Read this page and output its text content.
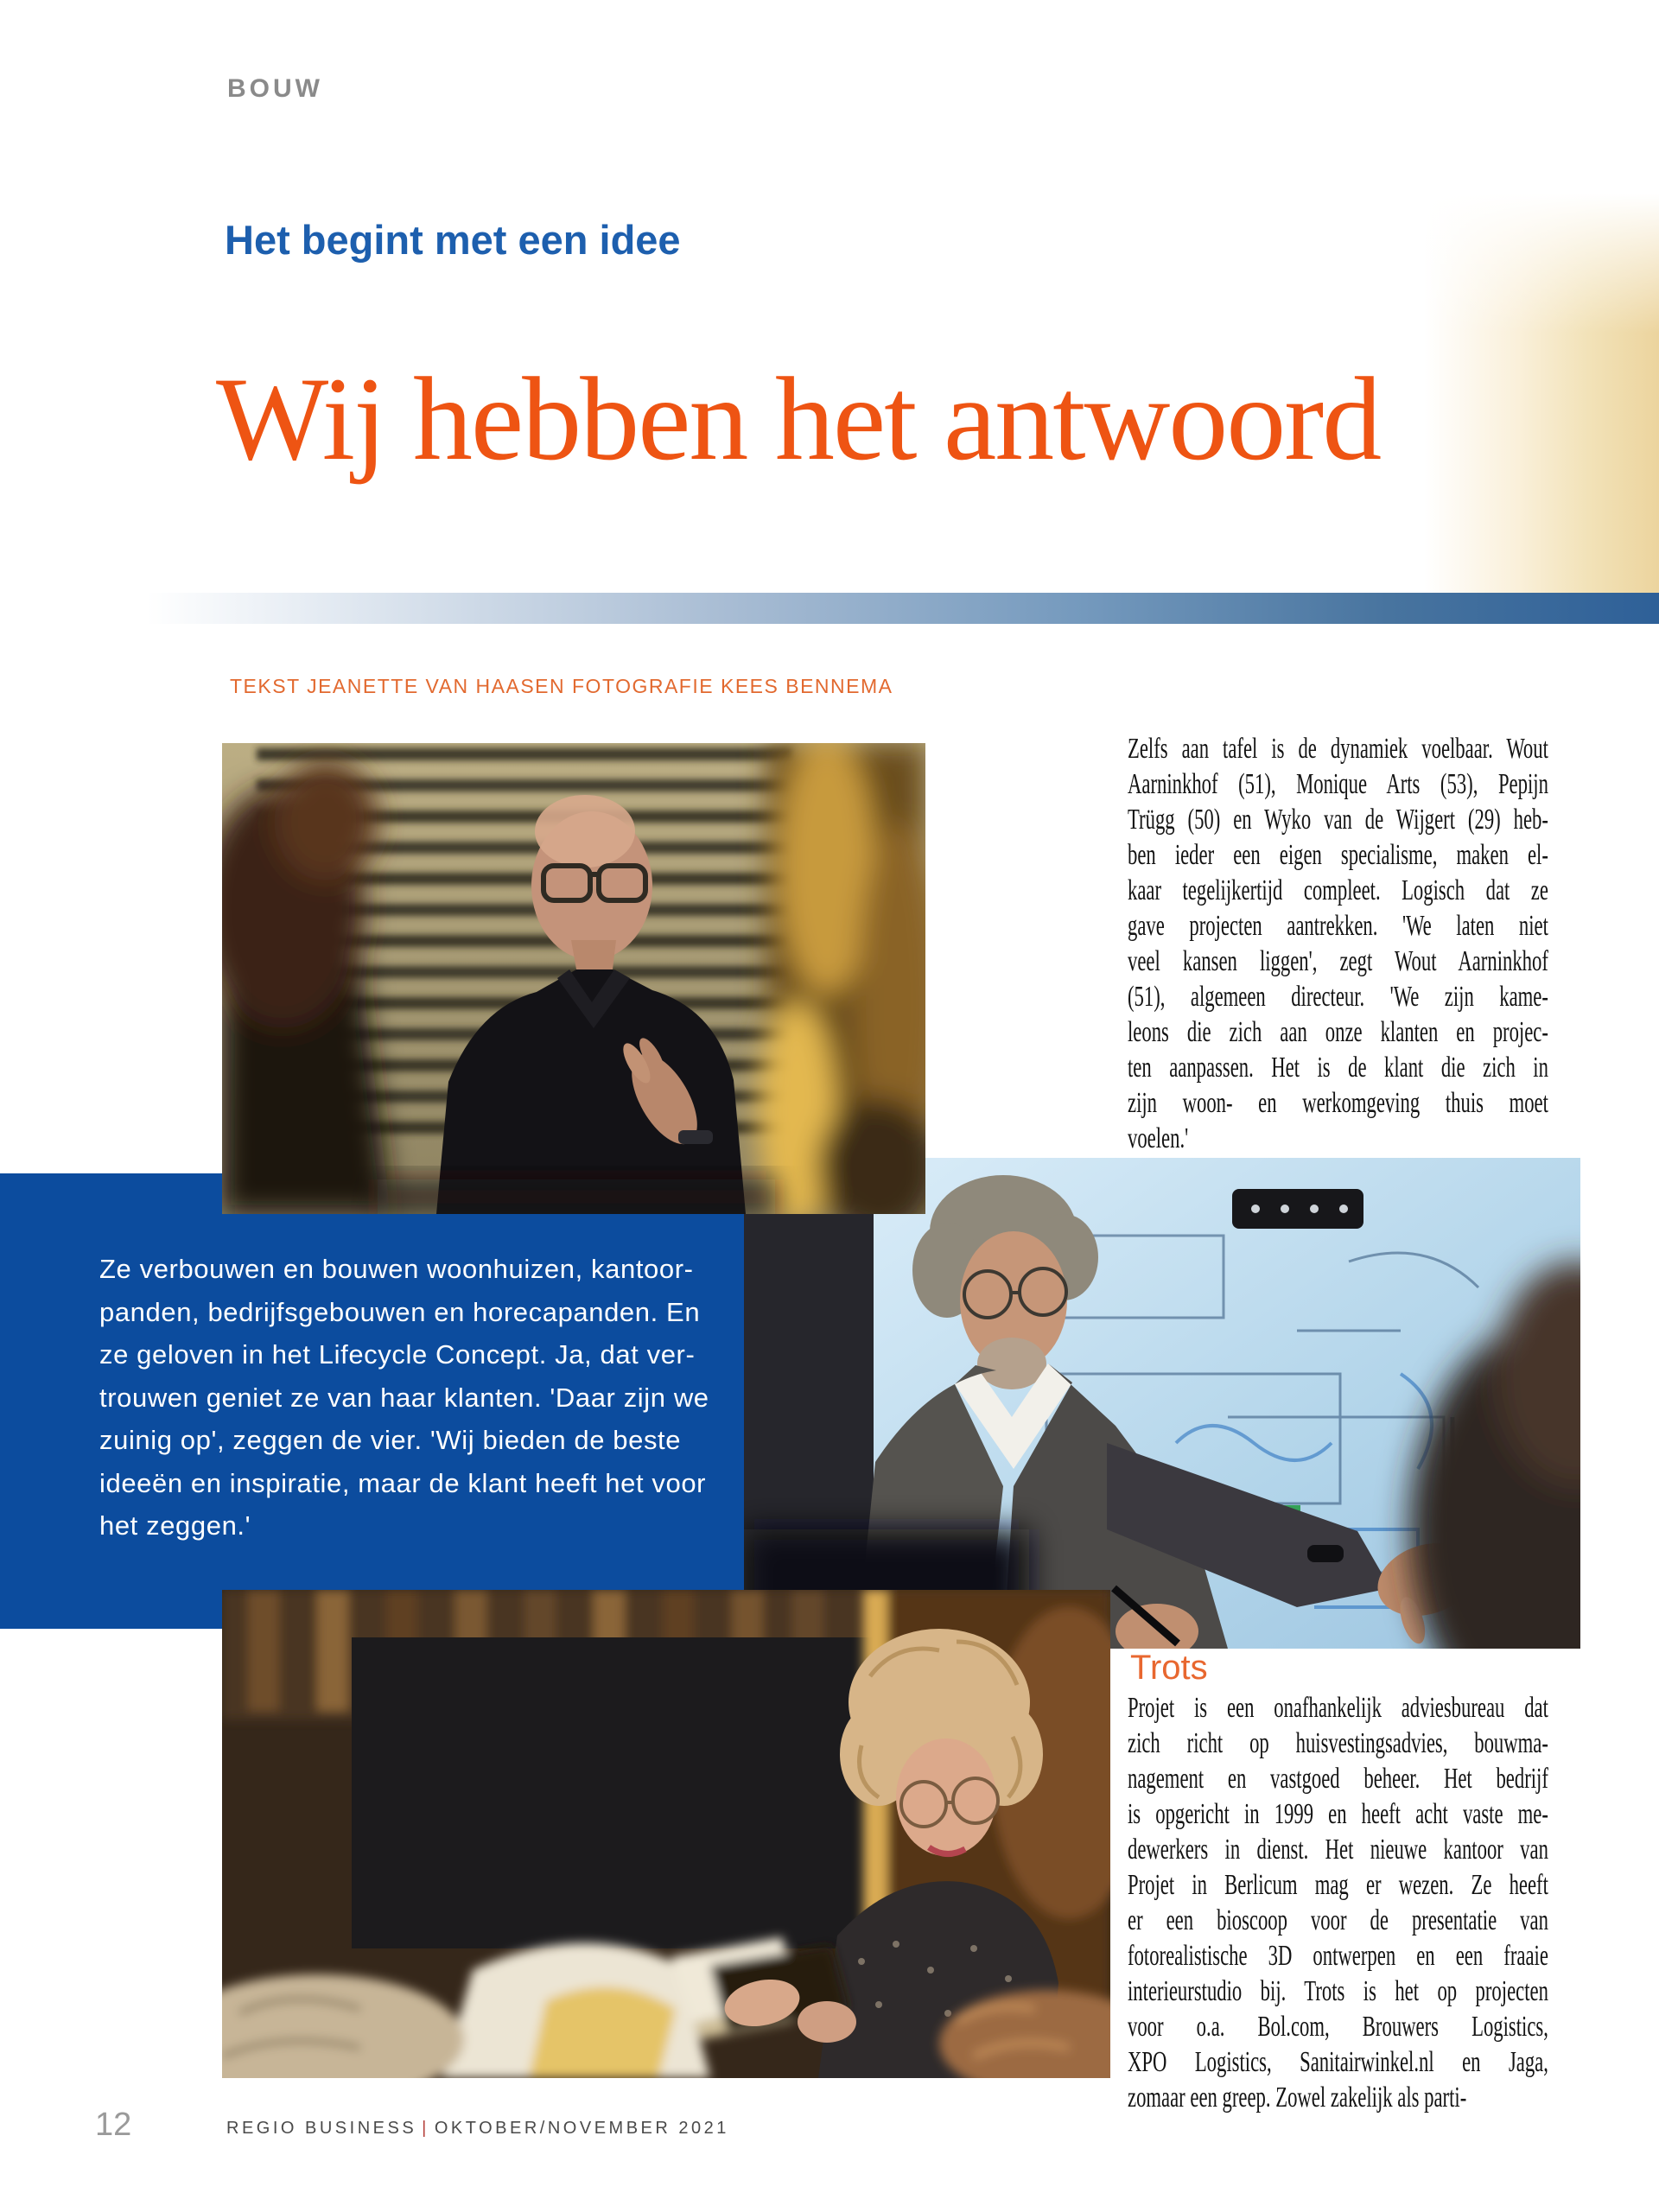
BOUW
Het begint met een idee
Wij hebben het antwoord
TEKST JEANETTE VAN HAASEN FOTOGRAFIE KEES BENNEMA
Zelfs aan tafel is de dynamiek voelbaar. Wout
Aarninkhof (51), Monique Arts (53), Pepijn
Trügg (50) en Wyko van de Wijgert (29) heb-
ben ieder een eigen specialisme, maken el-
kaar tegelijkertijd compleet. Logisch dat ze
gave projecten aantrekken. 'We laten niet
veel kansen liggen', zegt Wout Aarninkhof
(51), algemeen directeur. 'We zijn kame-
leons die zich aan onze klanten en projec-
ten aanpassen. Het is de klant die zich in
zijn woon- en werkomgeving thuis moet
voelen.'
Ze verbouwen en bouwen woonhuizen, kantoor-
panden, bedrijfsgebouwen en horecapanden. En
ze geloven in het Lifecycle Concept. Ja, dat ver-
trouwen geniet ze van haar klanten. 'Daar zijn we
zuinig op', zeggen de vier. 'Wij bieden de beste
ideeën en inspiratie, maar de klant heeft het voor
het zeggen.'
Trots
Projet is een onafhankelijk adviesbureau dat
zich richt op huisvestingsadvies, bouwma-
nagement en vastgoed beheer. Het bedrijf
is opgericht in 1999 en heeft acht vaste me-
dewerkers in dienst. Het nieuwe kantoor van
Projet in Berlicum mag er wezen. Ze heeft
er een bioscoop voor de presentatie van
fotorealistische 3D ontwerpen en een fraaie
interieurstudio bij. Trots is het op projecten
voor o.a. Bol.com, Brouwers Logistics,
XPO Logistics, Sanitairwinkel.nl en Jaga,
zomaar een greep. Zowel zakelijk als parti-
12	REGIO BUSINESS | OKTOBER/NOVEMBER 2021
